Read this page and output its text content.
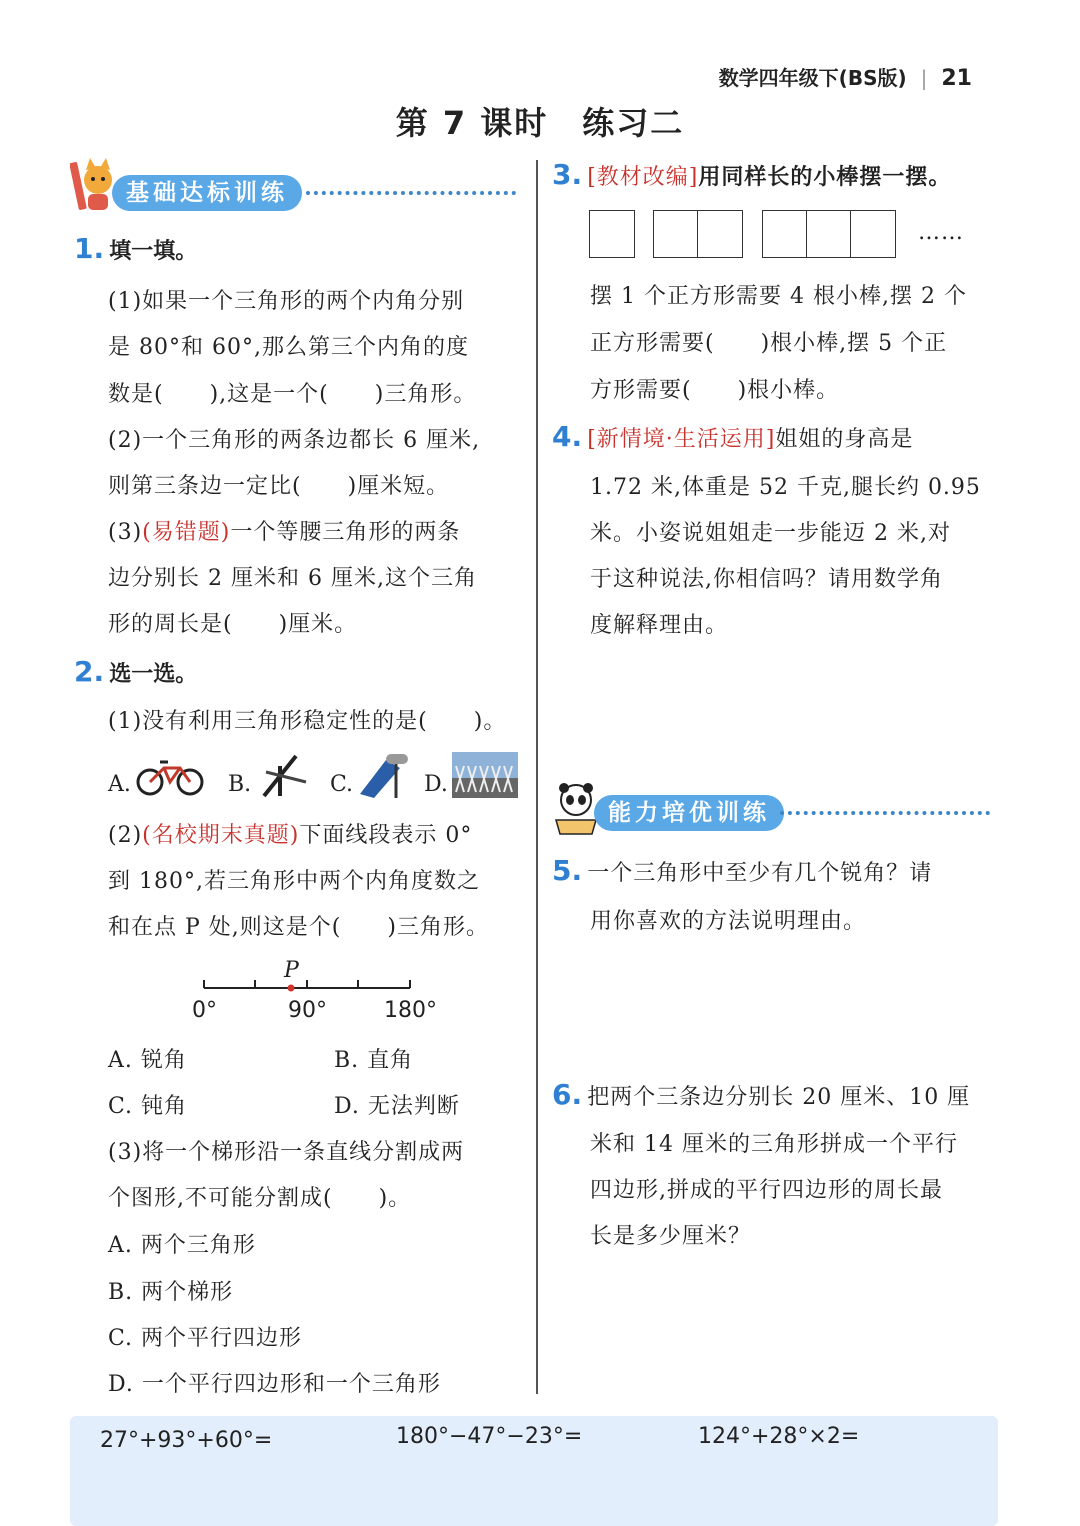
数学四年级下(BS版) | 21
第 7 课时 练习二
基础达标训练
1. 填一填。
(1)如果一个三角形的两个内角分别
是 80°和 60°,那么第三个内角的度
数是(　　),这是一个(　　)三角形。
(2)一个三角形的两条边都长 6 厘米,
则第三条边一定比(　　)厘米短。
(3)(易错题)一个等腰三角形的两条
边分别长 2 厘米和 6 厘米,这个三角
形的周长是(　　)厘米。
2. 选一选。
(1)没有利用三角形稳定性的是(　　)。
A.	B.	C.	D.
(2)(名校期末真题)下面线段表示 0°
到 180°,若三角形中两个内角度数之
和在点 P 处,则这是个(　　)三角形。
P
0°	90°	180°
A. 锐角	B. 直角
C. 钝角	D. 无法判断
(3)将一个梯形沿一条直线分割成两
个图形,不可能分割成(　　)。
A. 两个三角形
B. 两个梯形
C. 两个平行四边形
D. 一个平行四边形和一个三角形
3. [教材改编]用同样长的小棒摆一摆。
……
摆 1 个正方形需要 4 根小棒,摆 2 个
正方形需要(　　)根小棒,摆 5 个正
方形需要(　　)根小棒。
4. [新情境·生活运用]姐姐的身高是
1.72 米,体重是 52 千克,腿长约 0.95
米。小姿说姐姐走一步能迈 2 米,对
于这种说法,你相信吗？请用数学角
度解释理由。
能力培优训练
5. 一个三角形中至少有几个锐角？请
用你喜欢的方法说明理由。
6. 把两个三条边分别长 20 厘米、10 厘
米和 14 厘米的三角形拼成一个平行
四边形,拼成的平行四边形的周长最
长是多少厘米？
27°+93°+60°=	180°−47°−23°=	124°+28°×2=
